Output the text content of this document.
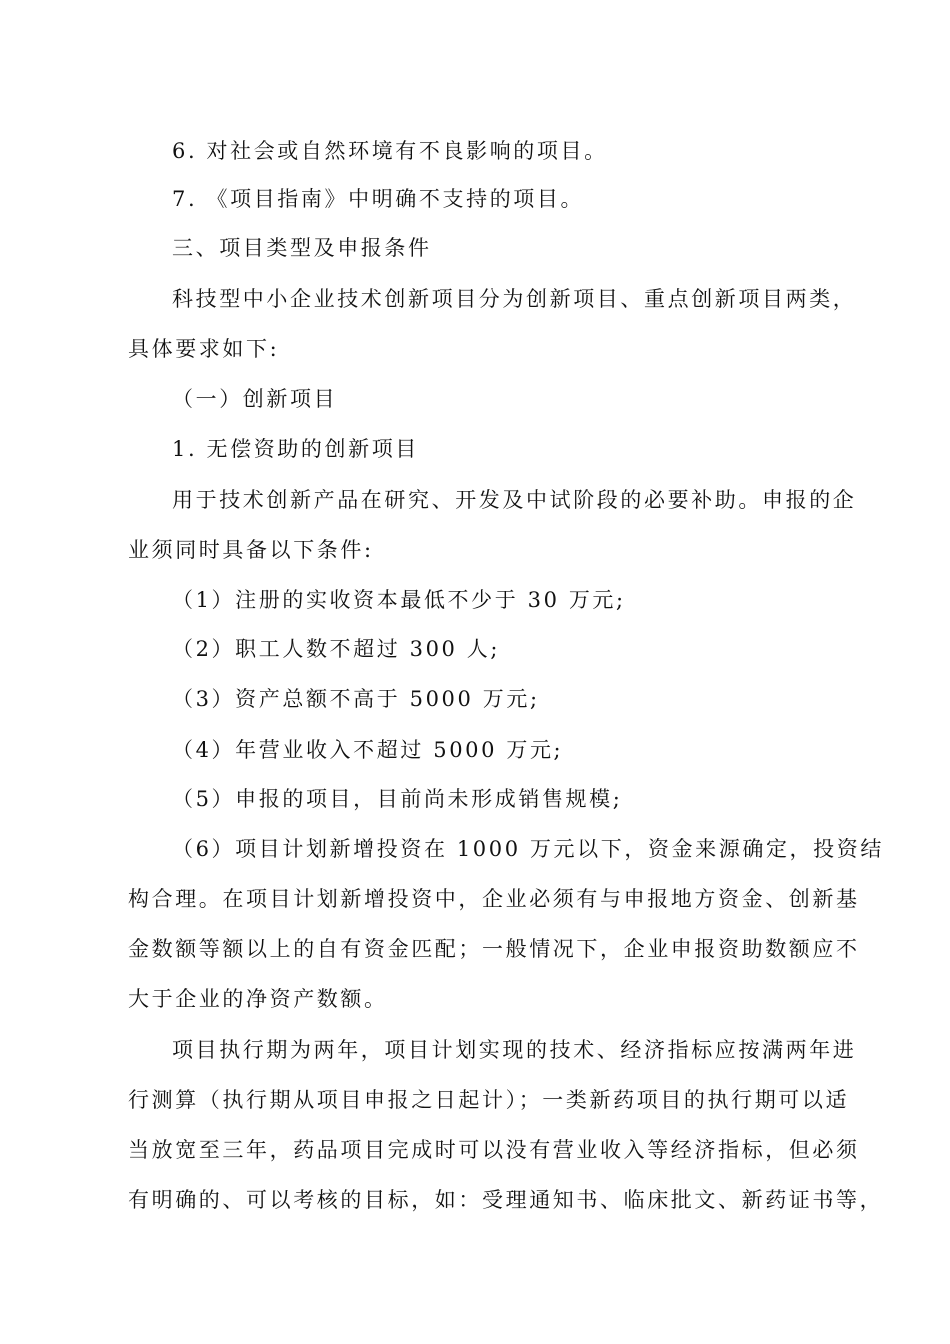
6. 对社会或自然环境有不良影响的项目。
7. 《项目指南》中明确不支持的项目。
三、项目类型及申报条件
科技型中小企业技术创新项目分为创新项目、重点创新项目两类，
具体要求如下:
（一）创新项目
1. 无偿资助的创新项目
用于技术创新产品在研究、开发及中试阶段的必要补助。申报的企
业须同时具备以下条件:
（1）注册的实收资本最低不少于 30 万元;
（2）职工人数不超过 300 人;
（3）资产总额不高于 5000 万元;
（4）年营业收入不超过 5000 万元;
（5）申报的项目，目前尚未形成销售规模;
（6）项目计划新增投资在 1000 万元以下，资金来源确定，投资结
构合理。在项目计划新增投资中，企业必须有与申报地方资金、创新基
金数额等额以上的自有资金匹配；一般情况下，企业申报资助数额应不
大于企业的净资产数额。
项目执行期为两年，项目计划实现的技术、经济指标应按满两年进
行测算（执行期从项目申报之日起计）；一类新药项目的执行期可以适
当放宽至三年，药品项目完成时可以没有营业收入等经济指标，但必须
有明确的、可以考核的目标，如：受理通知书、临床批文、新药证书等，
